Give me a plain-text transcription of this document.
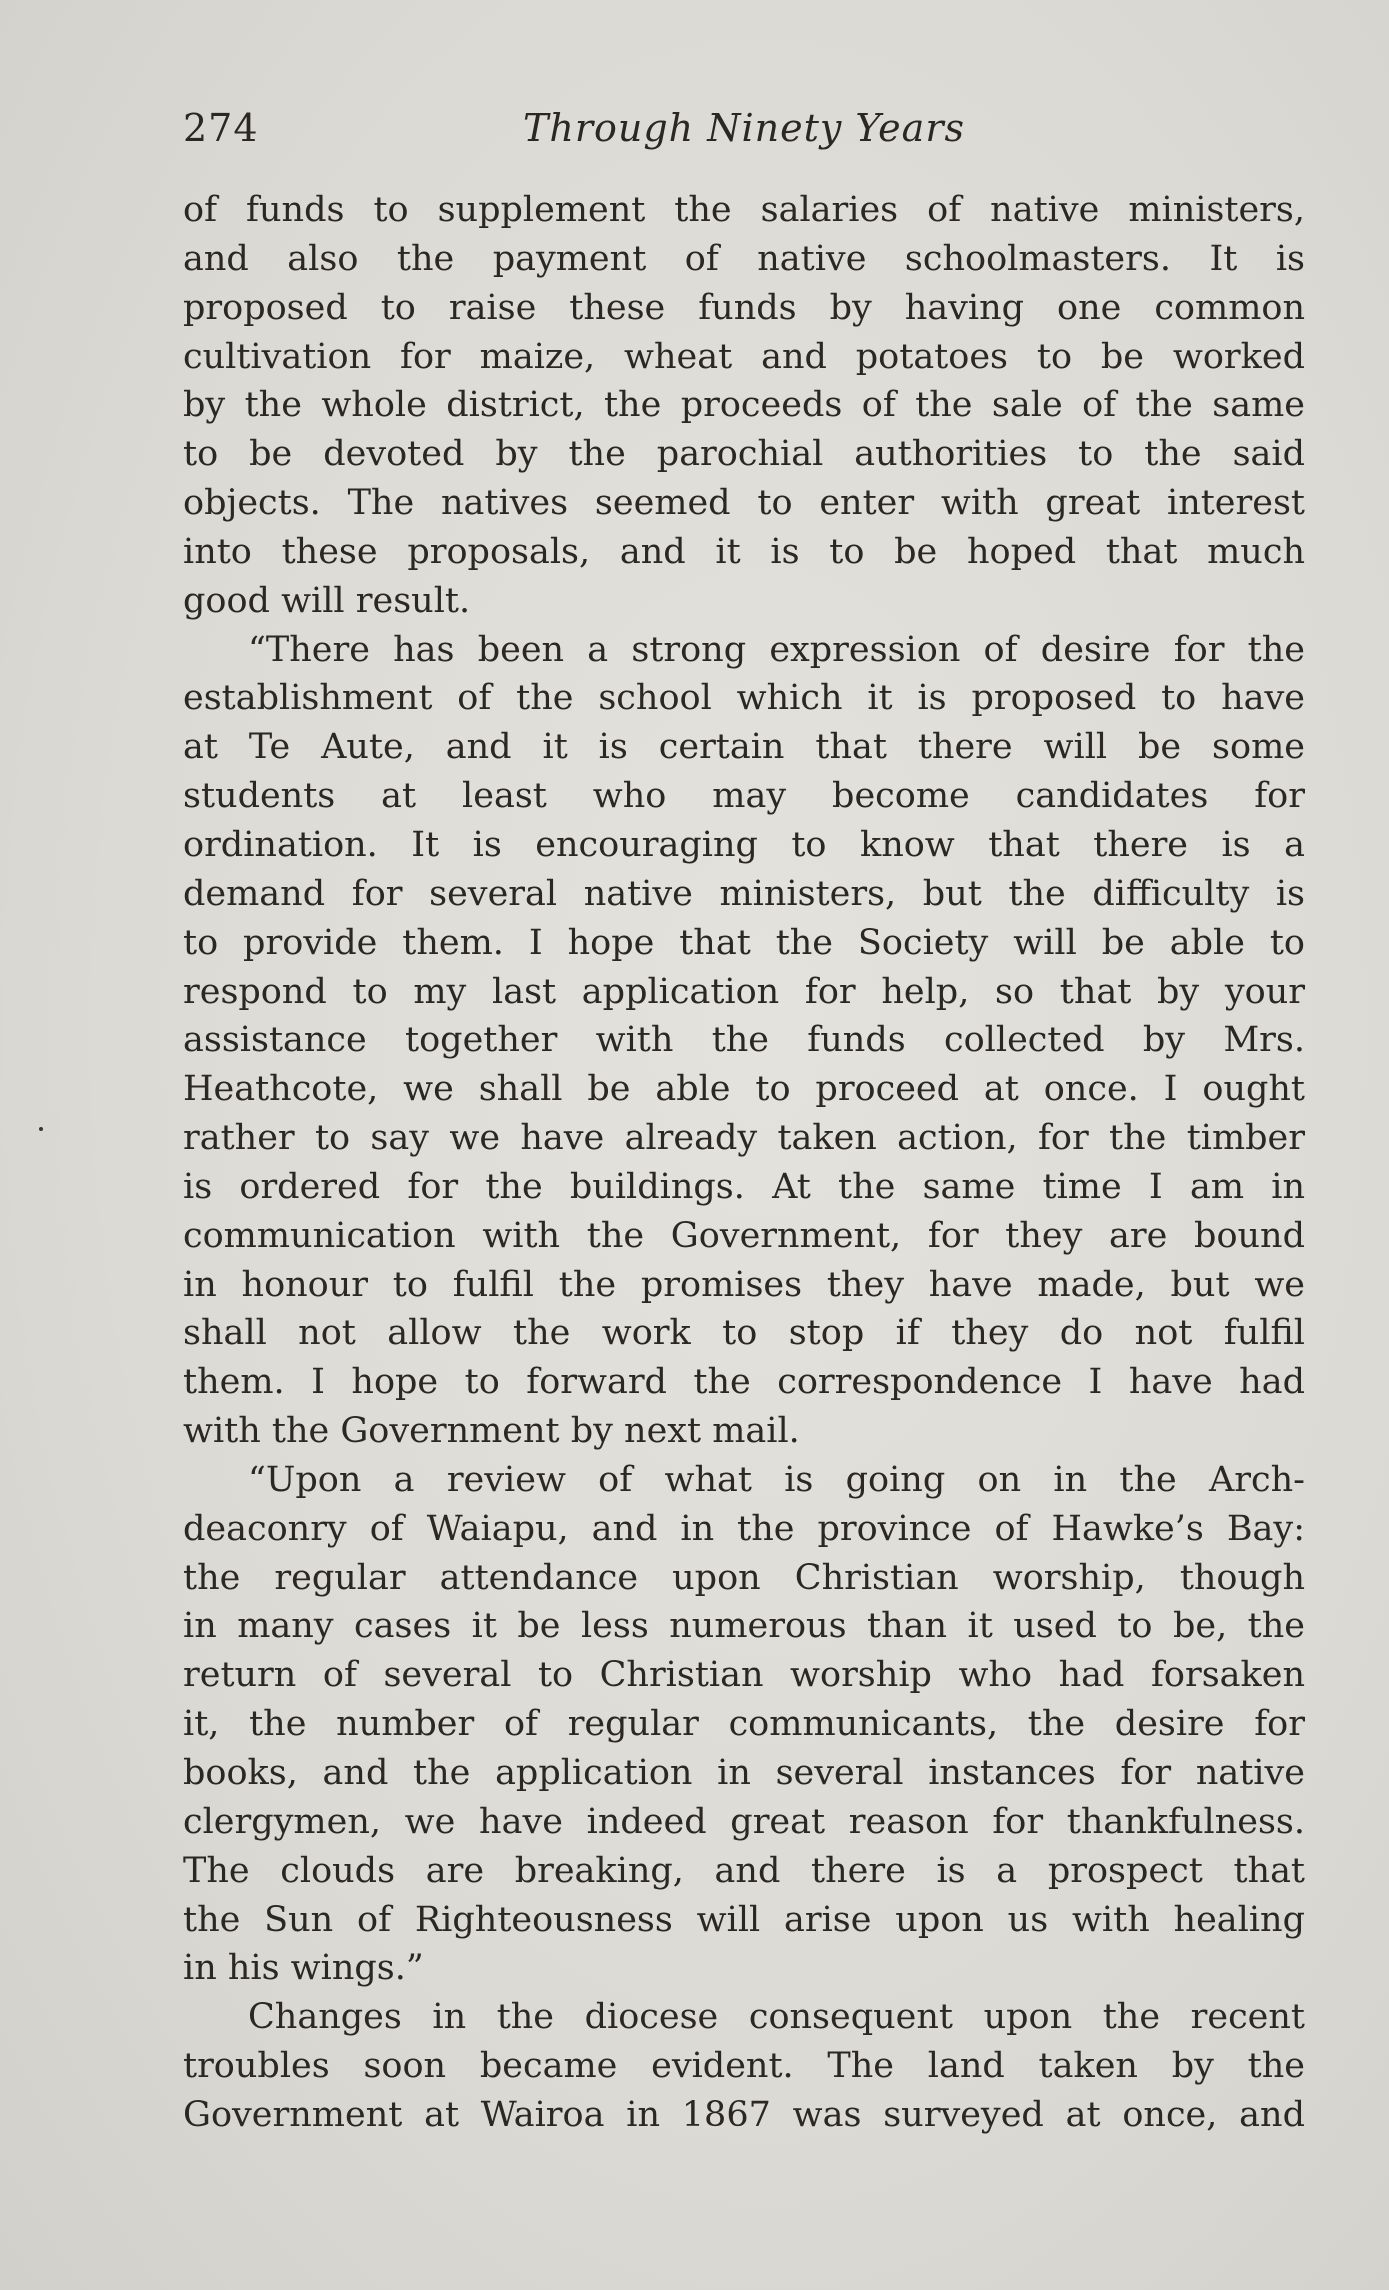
274	Through Ninety Years
of funds to supplement the salaries of native ministers,
and also the payment of native schoolmasters. It is
proposed to raise these funds by having one common
cultivation for maize, wheat and potatoes to be worked
by the whole district, the proceeds of the sale of the same
to be devoted by the parochial authorities to the said
objects. The natives seemed to enter with great interest
into these proposals, and it is to be hoped that much
good will result.
“There has been a strong expression of desire for the
establishment of the school which it is proposed to have
at Te Aute, and it is certain that there will be some
students at least who may become candidates for
ordination. It is encouraging to know that there is a
demand for several native ministers, but the difficulty is
to provide them. I hope that the Society will be able to
respond to my last application for help, so that by your
assistance together with the funds collected by Mrs.
Heathcote, we shall be able to proceed at once. I ought
rather to say we have already taken action, for the timber
is ordered for the buildings. At the same time I am in
communication with the Government, for they are bound
in honour to fulfil the promises they have made, but we
shall not allow the work to stop if they do not fulfil
them. I hope to forward the correspondence I have had
with the Government by next mail.
“Upon a review of what is going on in the Arch-
deaconry of Waiapu, and in the province of Hawke’s Bay:
the regular attendance upon Christian worship, though
in many cases it be less numerous than it used to be, the
return of several to Christian worship who had forsaken
it, the number of regular communicants, the desire for
books, and the application in several instances for native
clergymen, we have indeed great reason for thankfulness.
The clouds are breaking, and there is a prospect that
the Sun of Righteousness will arise upon us with healing
in his wings.”
Changes in the diocese consequent upon the recent
troubles soon became evident. The land taken by the
Government at Wairoa in 1867 was surveyed at once, and
